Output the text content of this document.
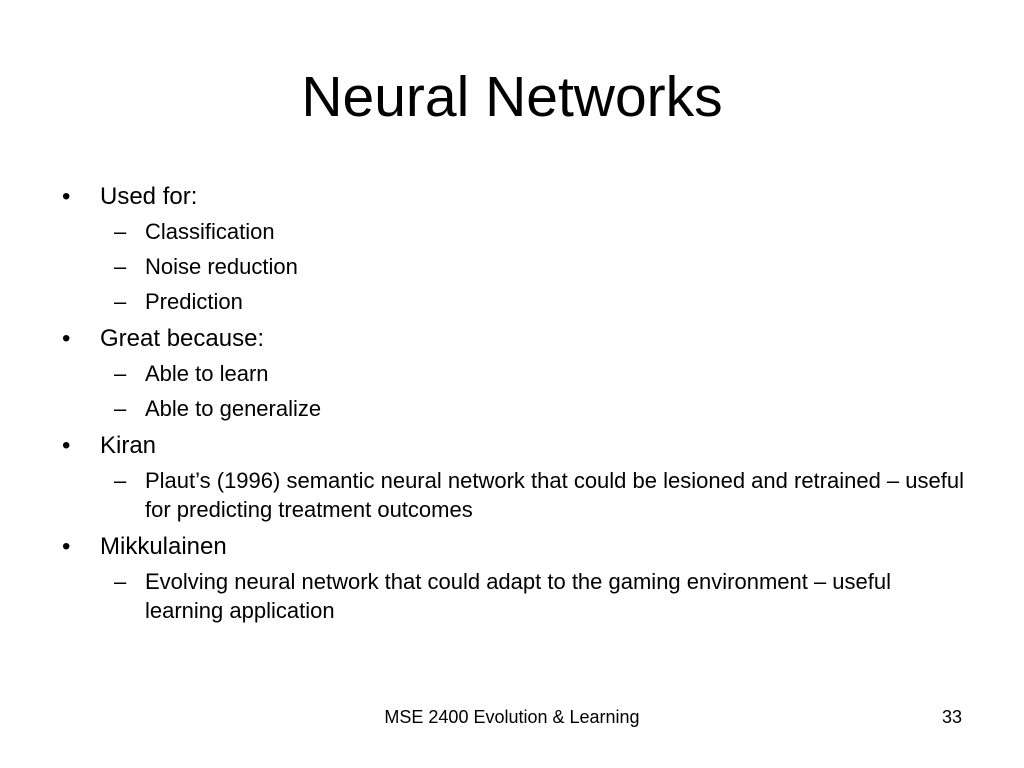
Neural Networks
•	Used for:
– Classification
– Noise reduction
– Prediction
•	Great because:
– Able to learn
– Able to generalize
•	Kiran
– Plaut’s (1996) semantic neural network that could be lesioned and retrained – useful for predicting treatment outcomes
•	Mikkulainen
– Evolving neural network that could adapt to the gaming environment – useful learning application
MSE 2400 Evolution & Learning	33
